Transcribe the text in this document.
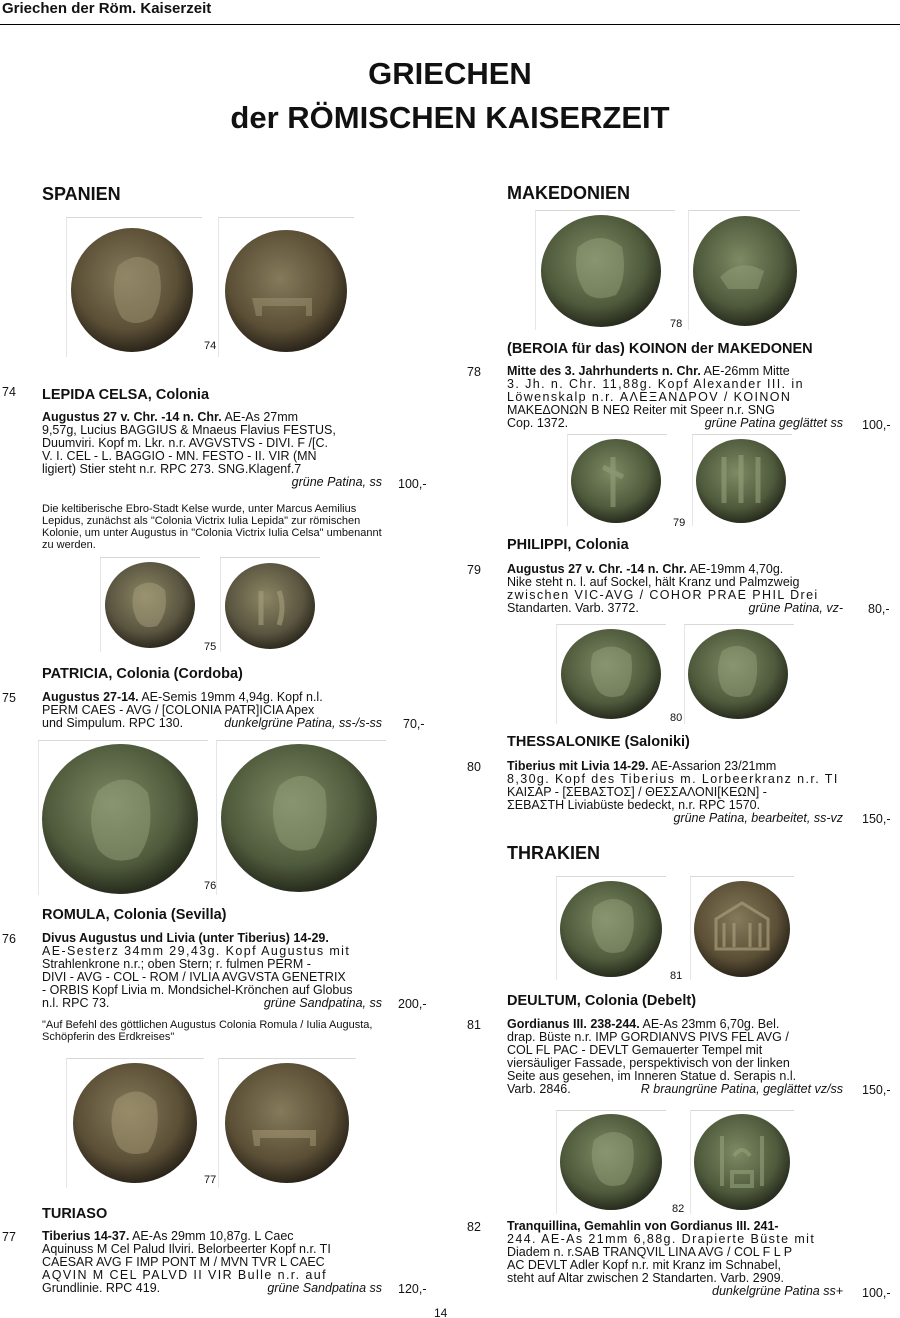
Griechen der Röm. Kaiserzeit
GRIECHEN
der RÖMISCHEN KAISERZEIT
SPANIEN	MAKEDONIEN
74
LEPIDA CELSA, Colonia
74
Augustus 27 v. Chr. -14 n. Chr. AE-As 27mm
9,57g, Lucius BAGGIUS & Mnaeus Flavius FESTUS,
Duumviri. Kopf m. Lkr. n.r. AVGVSTVS - DIVI. F /[C.
V. I. CEL - L. BAGGIO - MN. FESTO - II. VIR (MN
ligiert) Stier steht n.r. RPC 273. SNG.Klagenf.7
grüne Patina, ss 100,-
Die keltiberische Ebro-Stadt Kelse wurde, unter Marcus Aemilius Lepidus, zunächst als "Colonia Victrix Iulia Lepida" zur römischen Kolonie, um unter Augustus in "Colonia Victrix Iulia Celsa" umbenannt zu werden.
75
PATRICIA, Colonia (Cordoba)
75 Augustus 27-14. AE-Semis 19mm 4,94g. Kopf n.l.
PERM CAES - AVG / [COLONIA PATR]ICIA Apex
und Simpulum. RPC 130.	dunkelgrüne Patina, ss-/s-ss 70,-
76
ROMULA, Colonia (Sevilla)
76 Divus Augustus und Livia (unter Tiberius) 14-29.
AE-Sesterz 34mm 29,43g. Kopf Augustus mit
Strahlenkrone n.r.; oben Stern; r. fulmen PERM -
DIVI - AVG - COL - ROM / IVLIA AVGVSTA GENETRIX
- ORBIS Kopf Livia m. Mondsichel-Krönchen auf Globus
n.l. RPC 73.	grüne Sandpatina, ss 200,-
"Auf Befehl des göttlichen Augustus Colonia Romula / Iulia Augusta, Schöpferin des Erdkreises"
77
TURIASO
77 Tiberius 14-37. AE-As 29mm 10,87g. L Caec
Aquinuss M Cel Palud Ilviri. Belorbeerter Kopf n.r. TI
CAESAR AVG F IMP PONT M / MVN TVR L CAEC
AQVIN M CEL PALVD II VIR Bulle n.r. auf
Grundlinie. RPC 419.	grüne Sandpatina ss 120,-
78
(BEROIA für das) KOINON der MAKEDONEN
78 Mitte des 3. Jahrhunderts n. Chr. AE-26mm Mitte
3. Jh. n. Chr. 11,88g. Kopf Alexander III. in
Löwenskalp n.r. ΑΛΕΞΑΝΔΡΟV / KOINON
ΜΑΚΕΔΟΝΩΝ Β ΝΕΩ Reiter mit Speer n.r. SNG
Cop. 1372.	grüne Patina geglättet ss 100,-
79
PHILIPPI, Colonia
79 Augustus 27 v. Chr. -14 n. Chr. AE-19mm 4,70g.
Nike steht n. l. auf Sockel, hält Kranz und Palmzweig
zwischen VIC-AVG / COHOR PRAE PHIL Drei
Standarten. Varb. 3772.	grüne Patina, vz- 80,-
80
THESSALONIKE (Saloniki)
80 Tiberius mit Livia 14-29. AE-Assarion 23/21mm
8,30g. Kopf des Tiberius m. Lorbeerkranz n.r. TI
ΚΑΙΣΑΡ - [ΣΕΒΑΣΤΟΣ] / ΘΕΣΣΑΛΟΝΙ[ΚΕΩΝ] -
ΣΕΒΑΣΤΗ Liviabüste bedeckt, n.r. RPC 1570.
grüne Patina, bearbeitet, ss-vz 150,-
THRAKIEN
81
DEULTUM, Colonia (Debelt)
81 Gordianus III. 238-244. AE-As 23mm 6,70g. Bel.
drap. Büste n.r. IMP GORDIANVS PIVS FEL AVG /
COL FL PAC - DEVLT Gemauerter Tempel mit
viersäuliger Fassade, perspektivisch von der linken
Seite aus gesehen, im Inneren Statue d. Serapis n.l.
Varb. 2846.	R braungrüne Patina, geglättet vz/ss 150,-
82
82 Tranquillina, Gemahlin von Gordianus III. 241-
244. AE-As 21mm 6,88g. Drapierte Büste mit
Diadem n. r.SAB TRANQVIL LINA AVG / COL F L P
AC DEVLT Adler Kopf n.r. mit Kranz im Schnabel,
steht auf Altar zwischen 2 Standarten. Varb. 2909.
dunkelgrüne Patina ss+ 100,-
14
